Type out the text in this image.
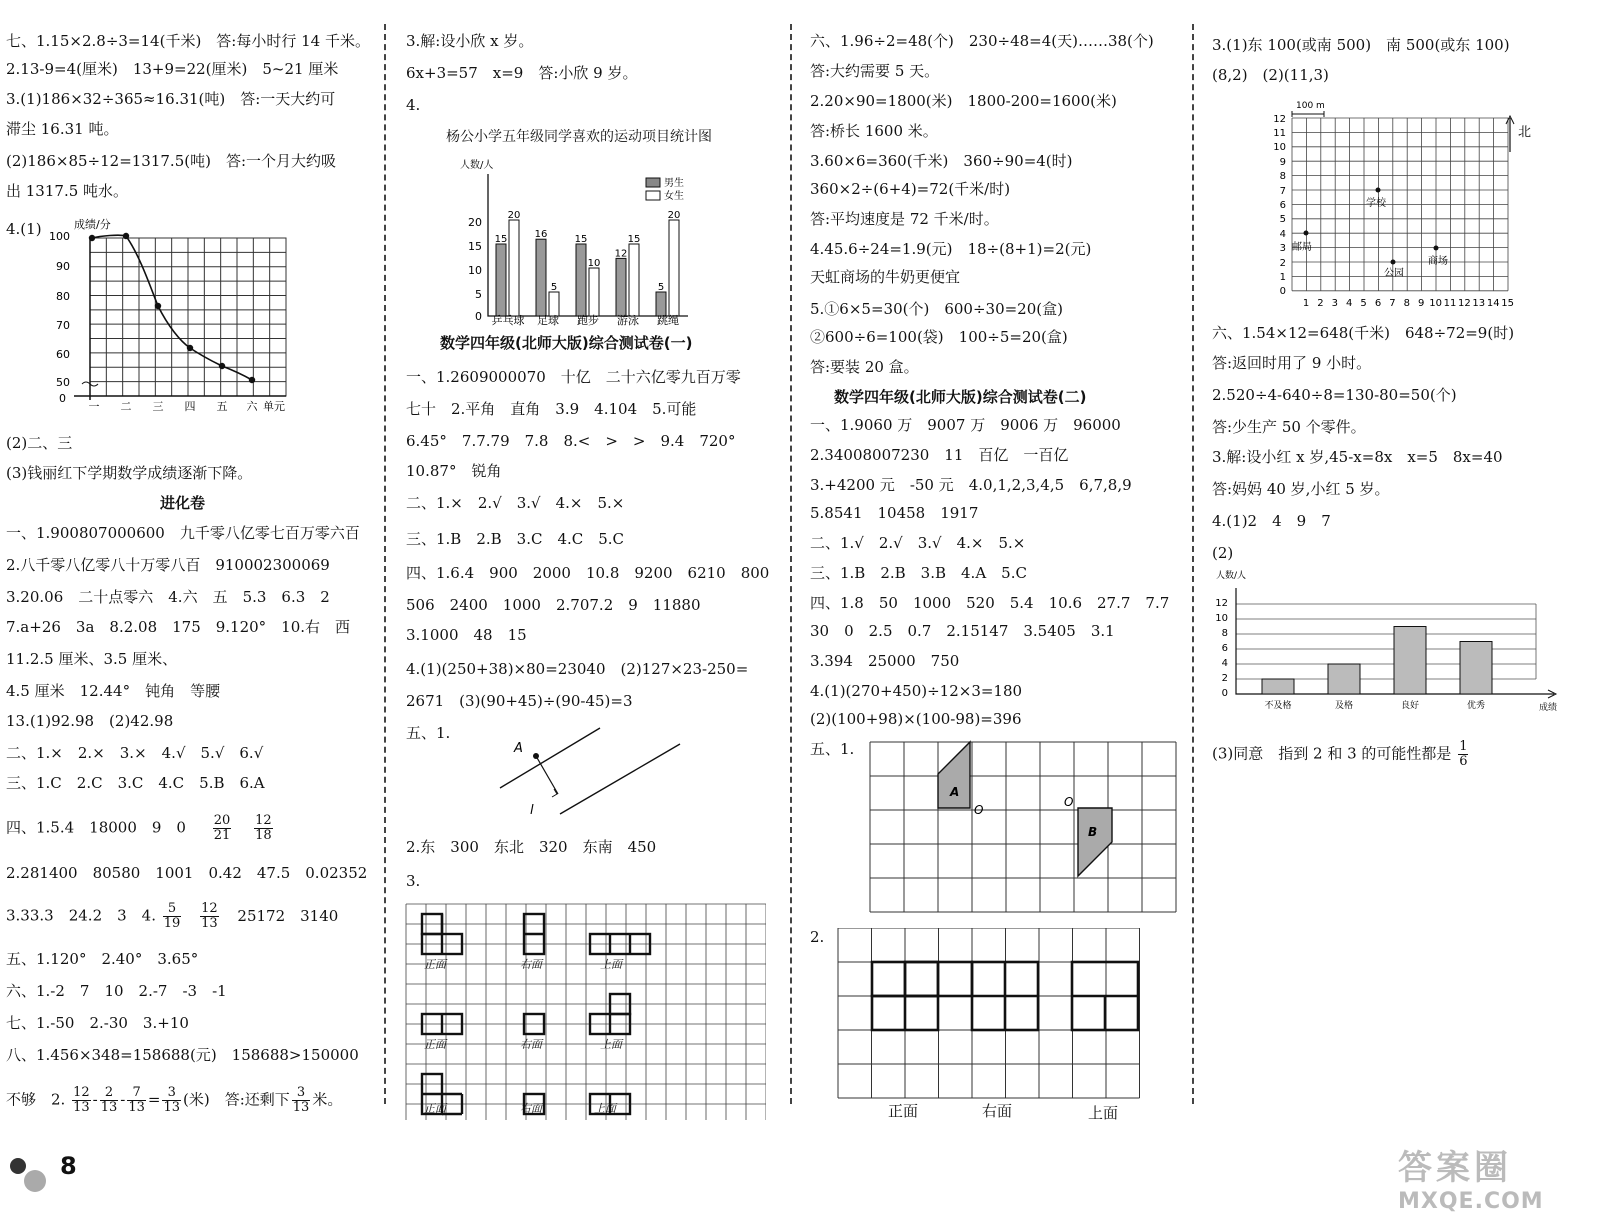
七、1.15×2.8÷3=14(千米)　答:每小时行 14 千米。
2.13-9=4(厘米)　13+9=22(厘米)　5~21 厘米
3.(1)186×32÷365≈16.31(吨)　答:一天大约可
滞尘 16.31 吨。
(2)186×85÷12=1317.5(吨)　答:一个月大约吸
出 1317.5 吨水。
4.(1)	成绩/分
100
90
80
70
60
50
0
一 二 三 四 五 六 单元
(2)二、三
(3)钱丽红下学期数学成绩逐渐下降。
进化卷
一、1.900807000600　九千零八亿零七百万零六百
2.八千零八亿零八十万零八百　910002300069
3.20.06　二十点零六　4.六　五　5.3　6.3　2
7.a+26　3a　8.2.08　175　9.120°　10.右　西
11.2.5 厘米、3.5 厘米、
4.5 厘米　12.44°　钝角　等腰
13.(1)92.98　(2)42.98
二、1.×　2.×　3.×　4.√　5.√　6.√
三、1.C　2.C　3.C　4.C　5.B　6.A
四、1.5.4　18000　9　$0 \frac{20}{21}$
$\frac{12}{18}$
2.281400　80580　1001　0.42　47.5　0.02352
3.33.3　24.2　3　4. $\frac{5}{19}$
$\frac{12}{13} 25172$　3140
五、1.120°　2.40°　3.65°
六、1.-2　7　10　2.-7　-3　-1
七、1.-50　2.-30　3.+10
八、1.456×348=158688(元)　158688>150000
不够　2. $\frac{12}{13} - \frac{2}{13} - \frac{7}{13} = \frac{3}{13}$ (米)　答:还剩下 $\frac{3}{13}$ 米。
3.解:设小欣 x 岁。
6x+3=57　x=9　答:小欣 9 岁。
4.
杨公小学五年级同学喜欢的运动项目统计图
人数/人
男生
女生
20
15
10
5
0
15
20
16
5
15
10
12
15
5
20
乒乓球 足球 跑步 游泳 跳绳
数学四年级(北师大版)综合测试卷(一)
一、1.2609000070　十亿　二十六亿零九百万零
七十　2.平角　直角　3.9　4.104　5.可能
6.45°　7.7.79　7.8　8.<　>　>　9.4　720°
10.87°　锐角
二、1.×　2.√　3.√　4.×　5.×
三、1.B　2.B　3.C　4.C　5.C
四、1.6.4　900　2000　10.8　9200　6210　800
506　2400　1000　2.707.2　9　11880
3.1000　48　15
4.(1)(250+38)×80=23040　(2)127×23-250=
2671　(3)(90+45)÷(90-45)=3
五、1.
A
l
2.东　300　东北　320　东南　450
3.
正面	右面	上面
正面	右面	上面
正面	右面	上面
六、1.96÷2=48(个)　230÷48=4(天)……38(个)
答:大约需要 5 天。
2.20×90=1800(米)　1800-200=1600(米)
答:桥长 1600 米。
3.60×6=360(千米)　360÷90=4(时)
360×2÷(6+4)=72(千米/时)
答:平均速度是 72 千米/时。
4.45.6÷24=1.9(元)　18÷(8+1)=2(元)
天虹商场的牛奶更便宜
5.①6×5=30(个)　600÷30=20(盒)
②600÷6=100(袋)　100÷5=20(盒)
答:要装 20 盒。
数学四年级(北师大版)综合测试卷(二)
一、1.9060 万　9007 万　9006 万　96000
2.34008007230　11　百亿　一百亿
3.+4200 元　-50 元　4.0,1,2,3,4,5　6,7,8,9
5.8541　10458　1917
二、1.√　2.√　3.√　4.×　5.×
三、1.B　2.B　3.B　4.A　5.C
四、1.8　50　1000　520　5.4　10.6　27.7　7.7
30　0　2.5　0.7　2.15147　3.5405　3.1
3.394　25000　750
4.(1)(270+450)÷12×3=180
(2)(100+98)×(100-98)=396
五、1.
A
B
O
O
2.
正面	右面	上面
3.(1)东 100(或南 500)　南 500(或东 100)
(8,2)　(2)(11,3)
100 m
12
11
10
9
8
7
6
5
4
3
2
1
0
1 2 3 4 5 6 7 8 9 10 11 12 13 14 15
北
学校
邮局
公园
商场
六、1.54×12=648(千米)　648÷72=9(时)
答:返回时用了 9 小时。
2.520÷4-640÷8=130-80=50(个)
答:少生产 50 个零件。
3.解:设小红 x 岁,45-x=8x　x=5　8x=40
答:妈妈 40 岁,小红 5 岁。
4.(1)2　4　9　7
(2)
人数/人
12
10
8
6
4
2
0
不及格	及格	良好	优秀	成绩
(3)同意　指到 2 和 3 的可能性都是 $\frac{1}{6}$
8	答案圈
MXQE.COM
